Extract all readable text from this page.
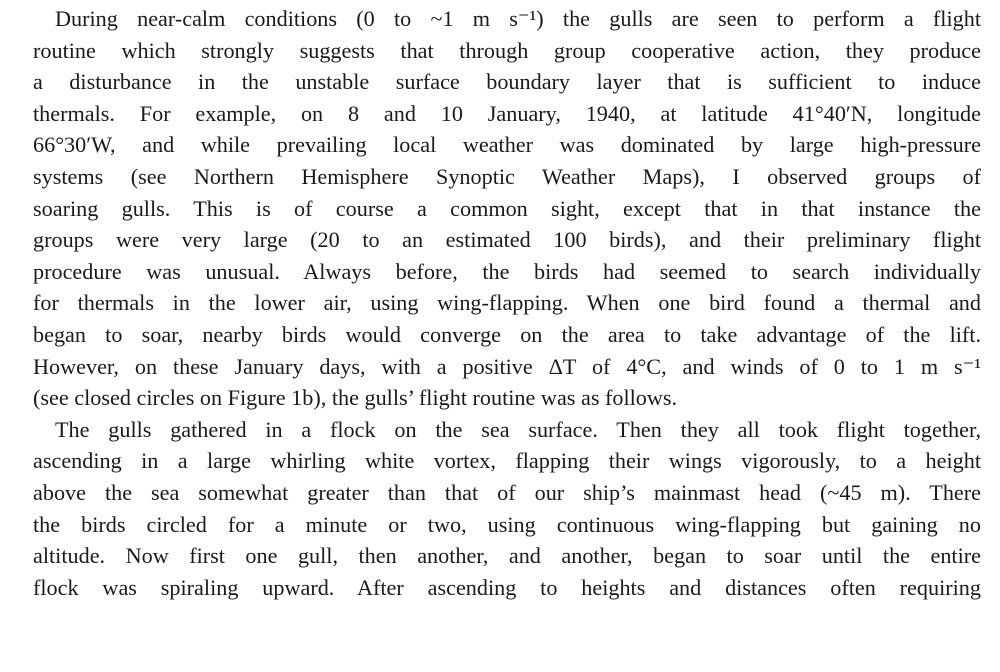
During near-calm conditions (0 to ~1 m s⁻¹) the gulls are seen to perform a flight
routine which strongly suggests that through group cooperative action, they produce
a disturbance in the unstable surface boundary layer that is sufficient to induce
thermals. For example, on 8 and 10 January, 1940, at latitude 41°40′N, longitude
66°30′W, and while prevailing local weather was dominated by large high-pressure
systems (see Northern Hemisphere Synoptic Weather Maps), I observed groups of
soaring gulls. This is of course a common sight, except that in that instance the
groups were very large (20 to an estimated 100 birds), and their preliminary flight
procedure was unusual. Always before, the birds had seemed to search individually
for thermals in the lower air, using wing-flapping. When one bird found a thermal and
began to soar, nearby birds would converge on the area to take advantage of the lift.
However, on these January days, with a positive ΔT of 4°C, and winds of 0 to 1 m s⁻¹
(see closed circles on Figure 1b), the gulls’ flight routine was as follows.
The gulls gathered in a flock on the sea surface. Then they all took flight together,
ascending in a large whirling white vortex, flapping their wings vigorously, to a height
above the sea somewhat greater than that of our ship’s mainmast head (~45 m). There
the birds circled for a minute or two, using continuous wing-flapping but gaining no
altitude. Now first one gull, then another, and another, began to soar until the entire
flock was spiraling upward. After ascending to heights and distances often requiring
